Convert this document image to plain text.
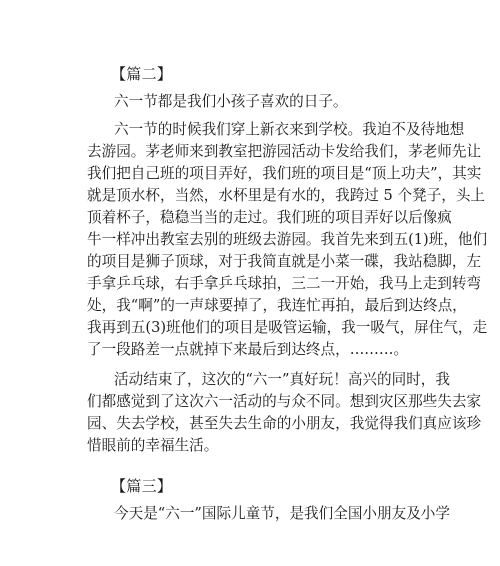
【篇二】
六一节都是我们小孩子喜欢的日子。
六一节的时候我们穿上新衣来到学校。我迫不及待地想
去游园。茅老师来到教室把游园活动卡发给我们，茅老师先让
我们把自己班的项目弄好，我们班的项目是“顶上功夫”，其实
就是顶水杯，当然，水杯里是有水的，我跨过 5 个凳子，头上
顶着杯子，稳稳当当的走过。我们班的项目弄好以后像疯
牛一样冲出教室去别的班级去游园。我首先来到五(1)班，他们
的项目是狮子顶球，对于我简直就是小菜一碟，我站稳脚，左
手拿乒乓球，右手拿乒乓球拍，三二一开始，我马上走到转弯
处，我“啊”的一声球要掉了，我连忙再拍，最后到达终点，
我再到五(3)班他们的项目是吸管运输，我一吸气，屏住气，走
了一段路差一点就掉下来最后到达终点，………。
活动结束了，这次的“六一”真好玩！高兴的同时，我
们都感觉到了这次六一活动的与众不同。想到灾区那些失去家
园、失去学校，甚至失去生命的小朋友，我觉得我们真应该珍
惜眼前的幸福生活。
【篇三】
今天是“六一”国际儿童节，是我们全国小朋友及小学
